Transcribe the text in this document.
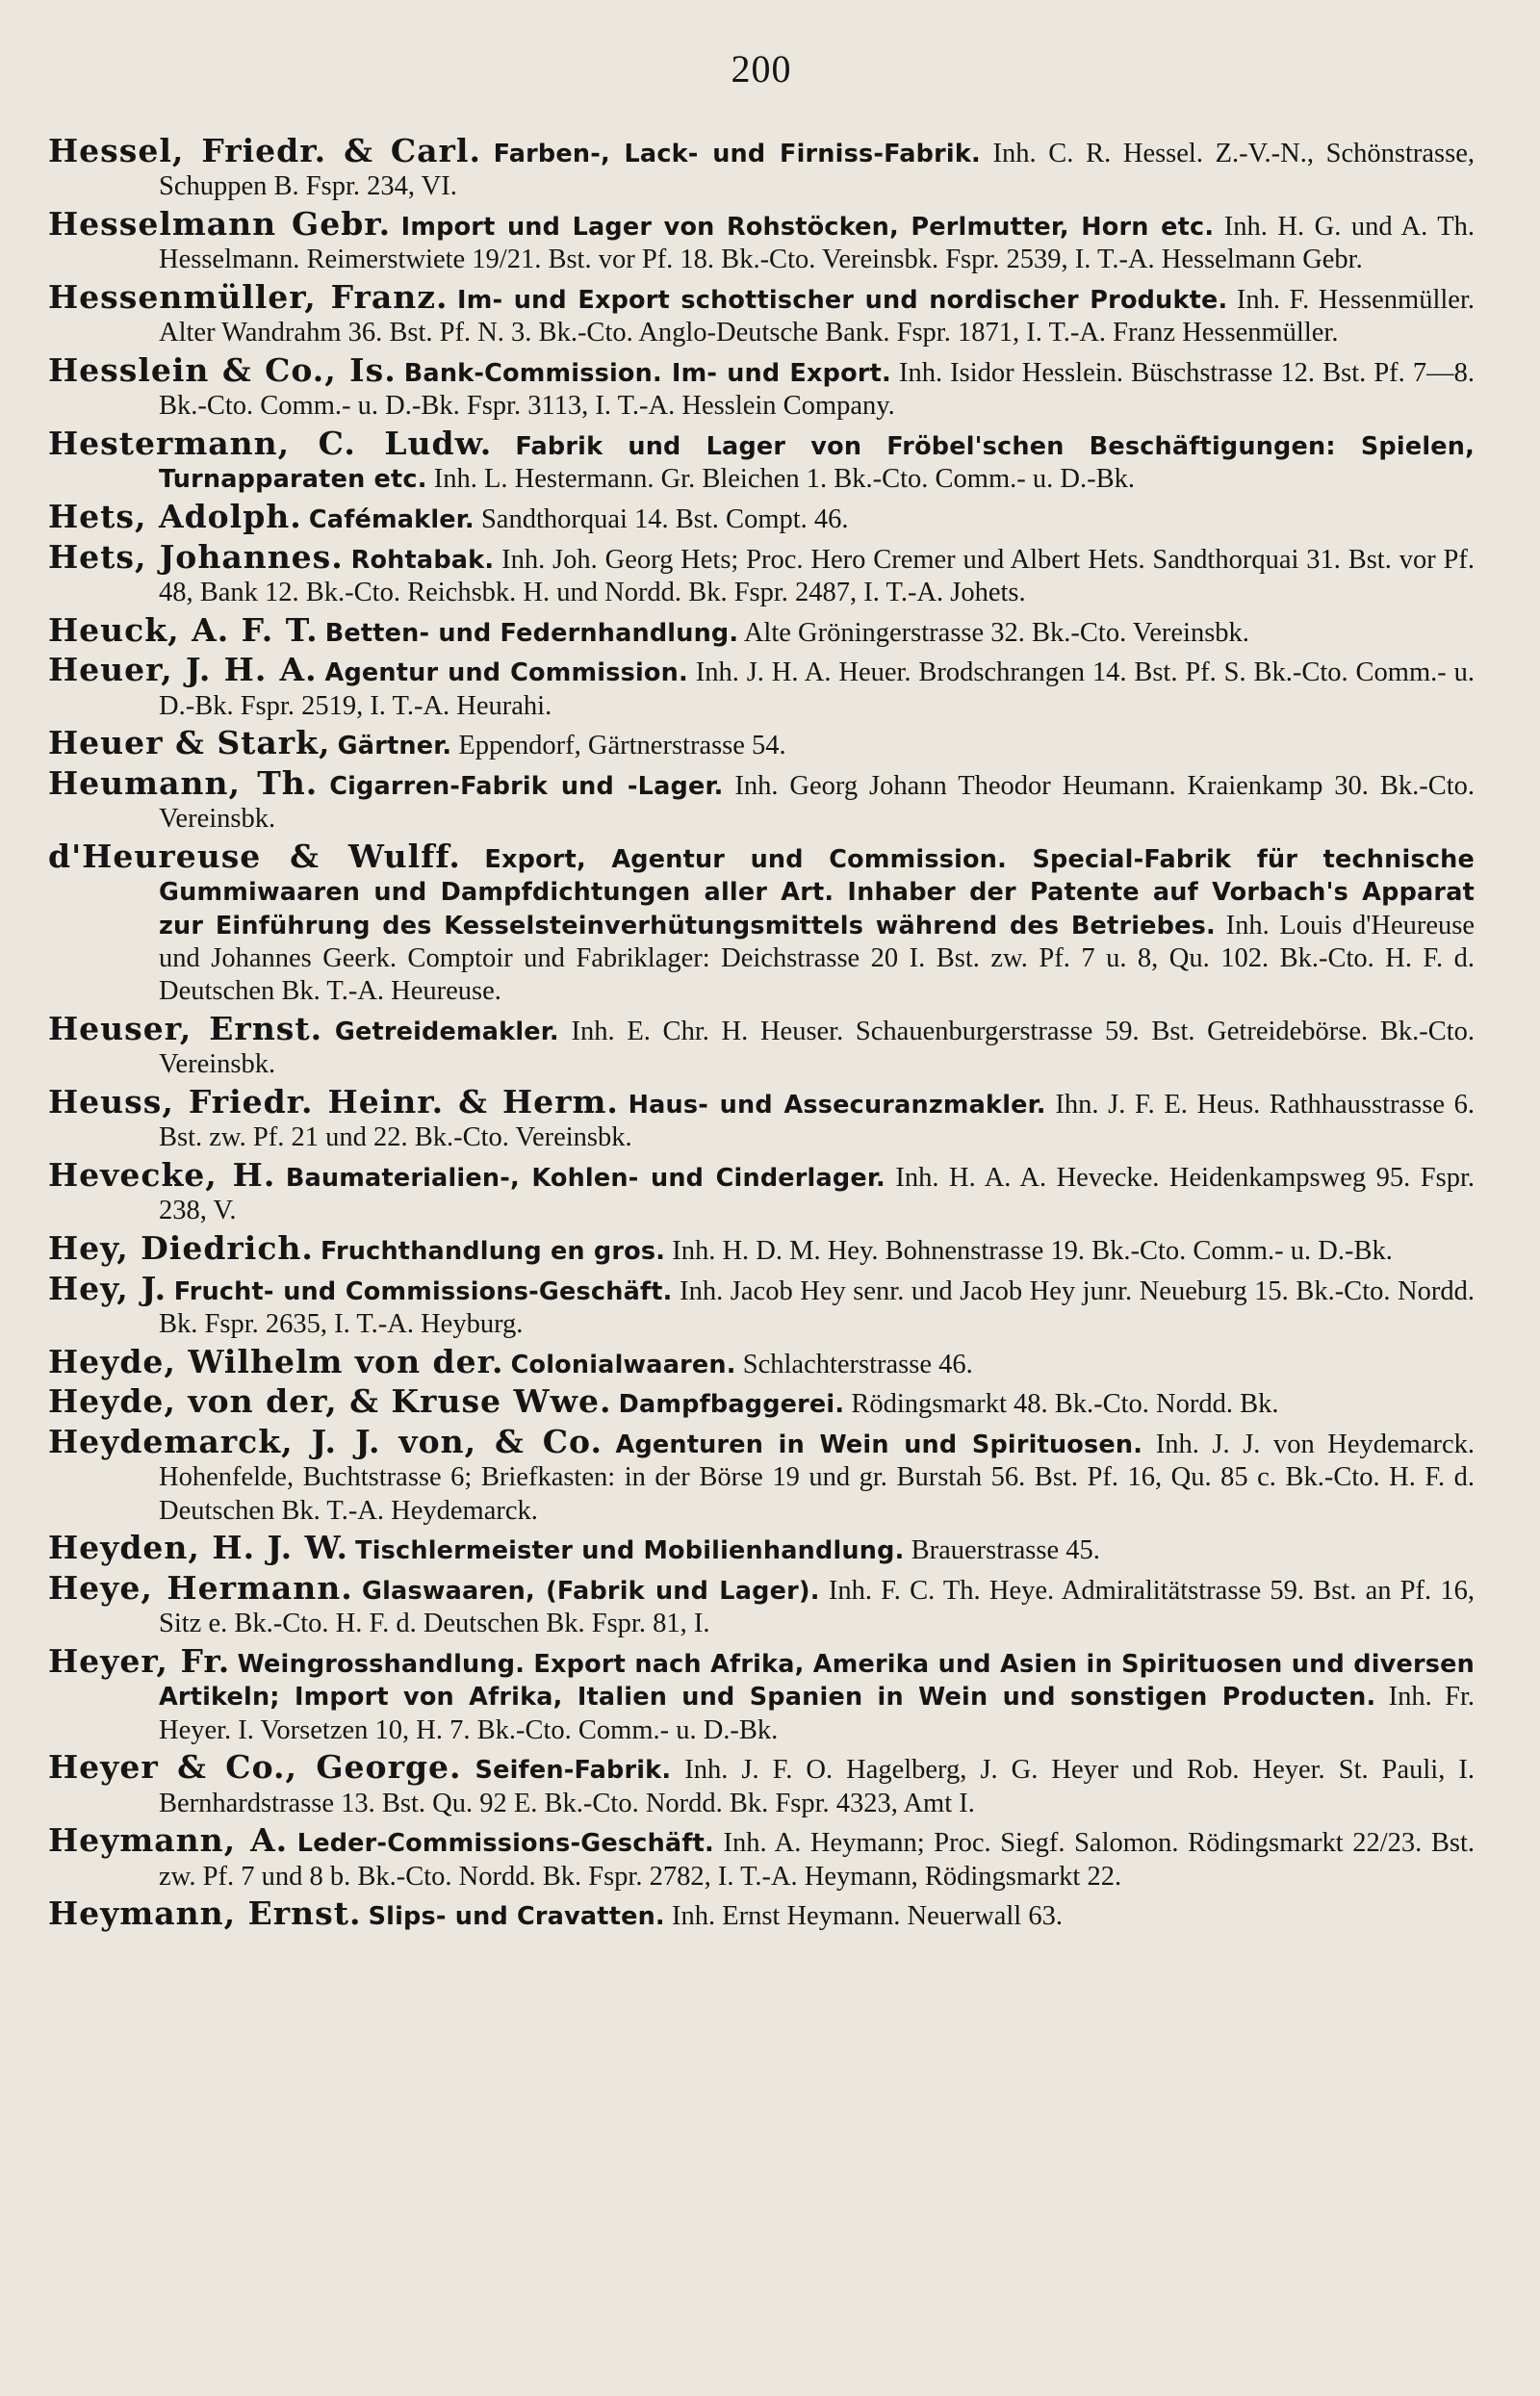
200

Hessel, Friedr. & Carl. Farben-, Lack- und Firniss-Fabrik. Inh. C. R. Hessel. Z.-V.-N., Schönstrasse, Schuppen B. Fspr. 234, VI.

Hesselmann Gebr. Import und Lager von Rohstöcken, Perlmutter, Horn etc. Inh. H. G. und A. Th. Hesselmann. Reimerstwiete 19/21. Bst. vor Pf. 18. Bk.-Cto. Vereinsbk. Fspr. 2539, I. T.-A. Hesselmann Gebr.

Hessenmüller, Franz. Im- und Export schottischer und nordischer Produkte. Inh. F. Hessenmüller. Alter Wandrahm 36. Bst. Pf. N. 3. Bk.-Cto. Anglo-Deutsche Bank. Fspr. 1871, I. T.-A. Franz Hessenmüller.

Hesslein & Co., Is. Bank-Commission. Im- und Export. Inh. Isidor Hesslein. Büschstrasse 12. Bst. Pf. 7—8. Bk.-Cto. Comm.- u. D.-Bk. Fspr. 3113, I. T.-A. Hesslein Company.

Hestermann, C. Ludw. Fabrik und Lager von Fröbel'schen Beschäftigungen: Spielen, Turnapparaten etc. Inh. L. Hestermann. Gr. Bleichen 1. Bk.-Cto. Comm.- u. D.-Bk.

Hets, Adolph. Cafémakler. Sandthorquai 14. Bst. Compt. 46.

Hets, Johannes. Rohtabak. Inh. Joh. Georg Hets; Proc. Hero Cremer und Albert Hets. Sandthorquai 31. Bst. vor Pf. 48, Bank 12. Bk.-Cto. Reichsbk. H. und Nordd. Bk. Fspr. 2487, I. T.-A. Johets.

Heuck, A. F. T. Betten- und Federnhandlung. Alte Gröningerstrasse 32. Bk.-Cto. Vereinsbk.

Heuer, J. H. A. Agentur und Commission. Inh. J. H. A. Heuer. Brodschrangen 14. Bst. Pf. S. Bk.-Cto. Comm.- u. D.-Bk. Fspr. 2519, I. T.-A. Heurahi.

Heuer & Stark, Gärtner. Eppendorf, Gärtnerstrasse 54.

Heumann, Th. Cigarren-Fabrik und -Lager. Inh. Georg Johann Theodor Heumann. Kraienkamp 30. Bk.-Cto. Vereinsbk.

d'Heureuse & Wulff. Export, Agentur und Commission. Special-Fabrik für technische Gummiwaaren und Dampfdichtungen aller Art. Inhaber der Patente auf Vorbach's Apparat zur Einführung des Kesselsteinverhütungsmittels während des Betriebes. Inh. Louis d'Heureuse und Johannes Geerk. Comptoir und Fabriklager: Deichstrasse 20 I. Bst. zw. Pf. 7 u. 8, Qu. 102. Bk.-Cto. H. F. d. Deutschen Bk. T.-A. Heureuse.

Heuser, Ernst. Getreidemakler. Inh. E. Chr. H. Heuser. Schauenburgerstrasse 59. Bst. Getreidebörse. Bk.-Cto. Vereinsbk.

Heuss, Friedr. Heinr. & Herm. Haus- und Assecuranzmakler. Ihn. J. F. E. Heus. Rathhausstrasse 6. Bst. zw. Pf. 21 und 22. Bk.-Cto. Vereinsbk.

Hevecke, H. Baumaterialien-, Kohlen- und Cinderlager. Inh. H. A. A. Hevecke. Heidenkampsweg 95. Fspr. 238, V.

Hey, Diedrich. Fruchthandlung en gros. Inh. H. D. M. Hey. Bohnenstrasse 19. Bk.-Cto. Comm.- u. D.-Bk.

Hey, J. Frucht- und Commissions-Geschäft. Inh. Jacob Hey senr. und Jacob Hey junr. Neueburg 15. Bk.-Cto. Nordd. Bk. Fspr. 2635, I. T.-A. Heyburg.

Heyde, Wilhelm von der. Colonialwaaren. Schlachterstrasse 46.

Heyde, von der, & Kruse Wwe. Dampfbaggerei. Rödingsmarkt 48. Bk.-Cto. Nordd. Bk.

Heydemarck, J. J. von, & Co. Agenturen in Wein und Spirituosen. Inh. J. J. von Heydemarck. Hohenfelde, Buchtstrasse 6; Briefkasten: in der Börse 19 und gr. Burstah 56. Bst. Pf. 16, Qu. 85 c. Bk.-Cto. H. F. d. Deutschen Bk. T.-A. Heydemarck.

Heyden, H. J. W. Tischlermeister und Mobilienhandlung. Brauerstrasse 45.

Heye, Hermann. Glaswaaren, (Fabrik und Lager). Inh. F. C. Th. Heye. Admiralitätstrasse 59. Bst. an Pf. 16, Sitz e. Bk.-Cto. H. F. d. Deutschen Bk. Fspr. 81, I.

Heyer, Fr. Weingrosshandlung. Export nach Afrika, Amerika und Asien in Spirituosen und diversen Artikeln; Import von Afrika, Italien und Spanien in Wein und sonstigen Producten. Inh. Fr. Heyer. I. Vorsetzen 10, H. 7. Bk.-Cto. Comm.- u. D.-Bk.

Heyer & Co., George. Seifen-Fabrik. Inh. J. F. O. Hagelberg, J. G. Heyer und Rob. Heyer. St. Pauli, I. Bernhardstrasse 13. Bst. Qu. 92 E. Bk.-Cto. Nordd. Bk. Fspr. 4323, Amt I.

Heymann, A. Leder-Commissions-Geschäft. Inh. A. Heymann; Proc. Siegf. Salomon. Rödingsmarkt 22/23. Bst. zw. Pf. 7 und 8 b. Bk.-Cto. Nordd. Bk. Fspr. 2782, I. T.-A. Heymann, Rödingsmarkt 22.

Heymann, Ernst. Slips- und Cravatten. Inh. Ernst Heymann. Neuerwall 63.
